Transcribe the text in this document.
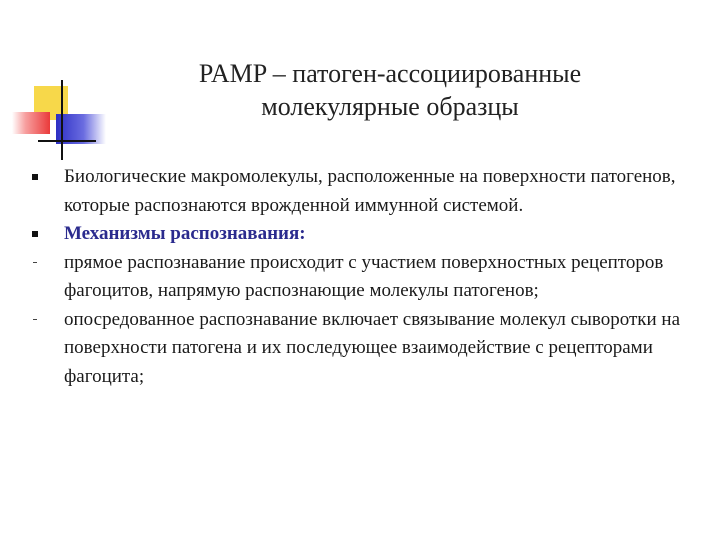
PAMP – патоген-ассоциированные
молекулярные образцы
Биологические макромолекулы, расположенные на поверхности патогенов, которые распознаются врожденной иммунной системой.
Механизмы распознавания:
прямое распознавание происходит с участием поверхностных рецепторов фагоцитов, напрямую распознающие молекулы патогенов;
опосредованное распознавание включает связывание молекул сыворотки на поверхности патогена и их последующее взаимодействие с рецепторами фагоцита;
